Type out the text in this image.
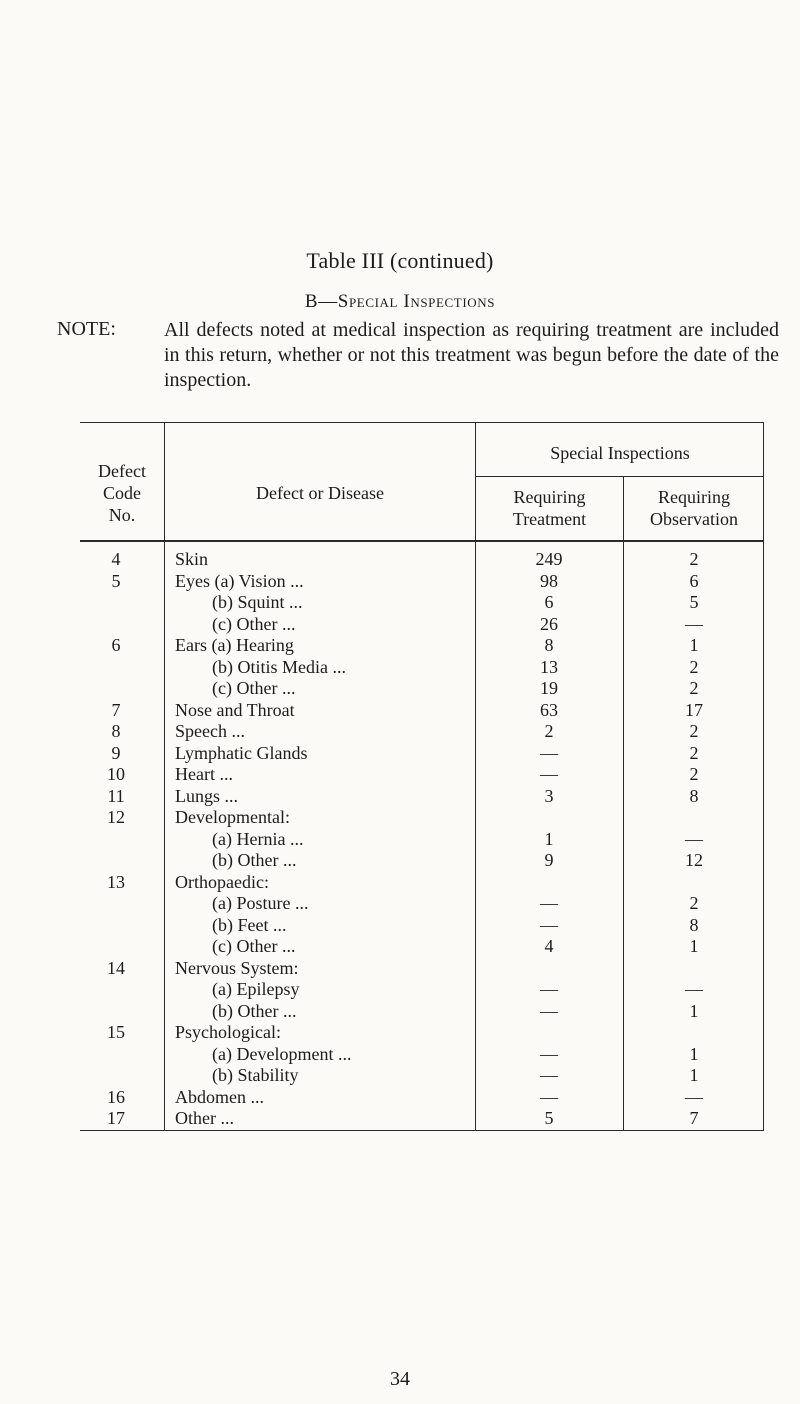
Table III (continued)
B—Special Inspections
NOTE: All defects noted at medical inspection as requiring treatment are included in this return, whether or not this treatment was begun before the date of the inspection.
Defect
Code
No.
Defect or Disease
Special Inspections
Requiring
Treatment
Requiring
Observation
4	Skin	249	2
5	Eyes (a) Vision ...	98	6
(b) Squint ...	6	5
(c) Other ...	26	—
6	Ears (a) Hearing	8	1
(b) Otitis Media ...	13	2
(c) Other ...	19	2
7	Nose and Throat	63	17
8	Speech ...	2	2
9	Lymphatic Glands	—	2
10	Heart ...	—	2
11	Lungs ...	3	8
12	Developmental:
(a) Hernia ...	1	—
(b) Other ...	9	12
13	Orthopaedic:
(a) Posture ...	—	2
(b) Feet ...	—	8
(c) Other ...	4	1
14	Nervous System:
(a) Epilepsy	—	—
(b) Other ...	—	1
15	Psychological:
(a) Development ...	—	1
(b) Stability	—	1
16	Abdomen ...	—	—
17	Other ...	5	7
34
